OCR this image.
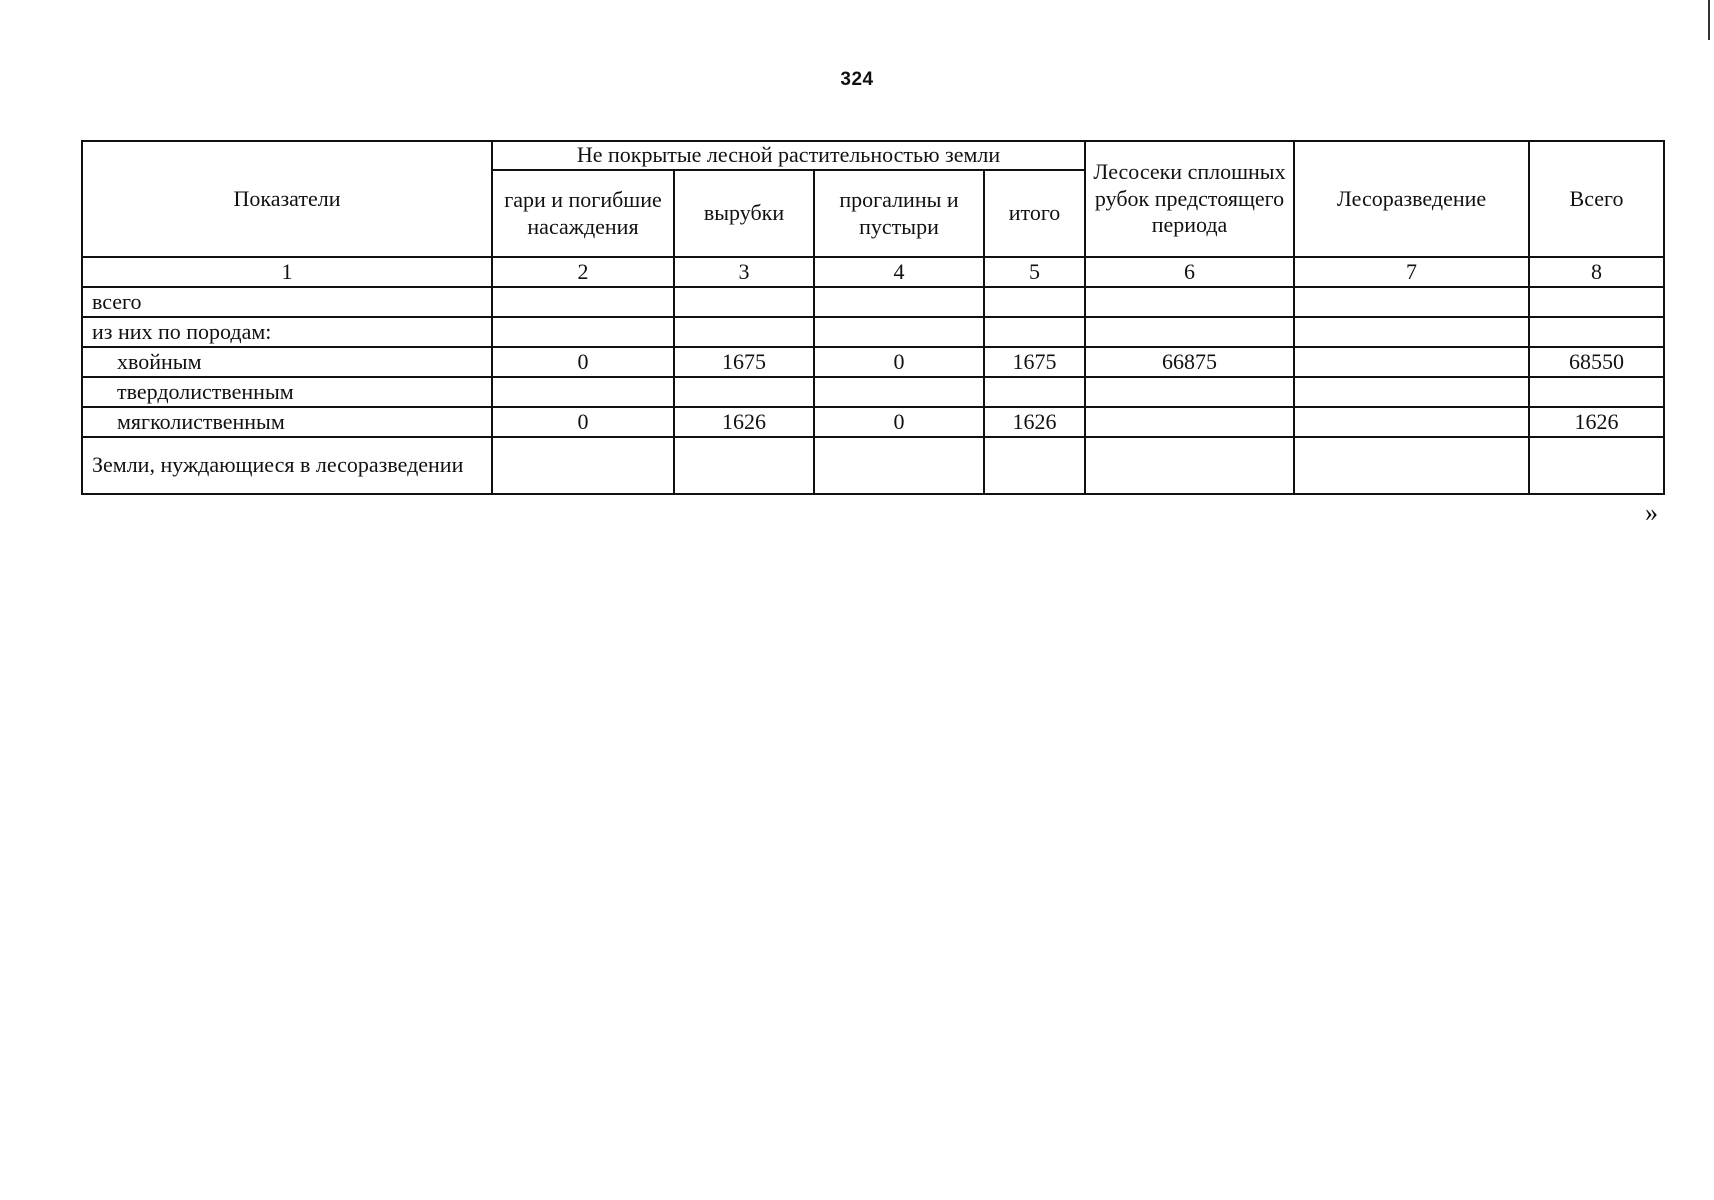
324
Показатели	Не покрытые лесной растительностью земли				Лесосеки сплошных рубок предстоящего периода	Лесоразведение	Всего
	гари и погибшие насаждения	вырубки	прогалины и пустыри	итого			
1	2	3	4	5	6	7	8
всего							
из них по породам:							
хвойным	0	1675	0	1675	66875		68550
твердолиственным							
мягколиственным	0	1626	0	1626			1626
Земли, нуждающиеся в лесоразведении							
»
